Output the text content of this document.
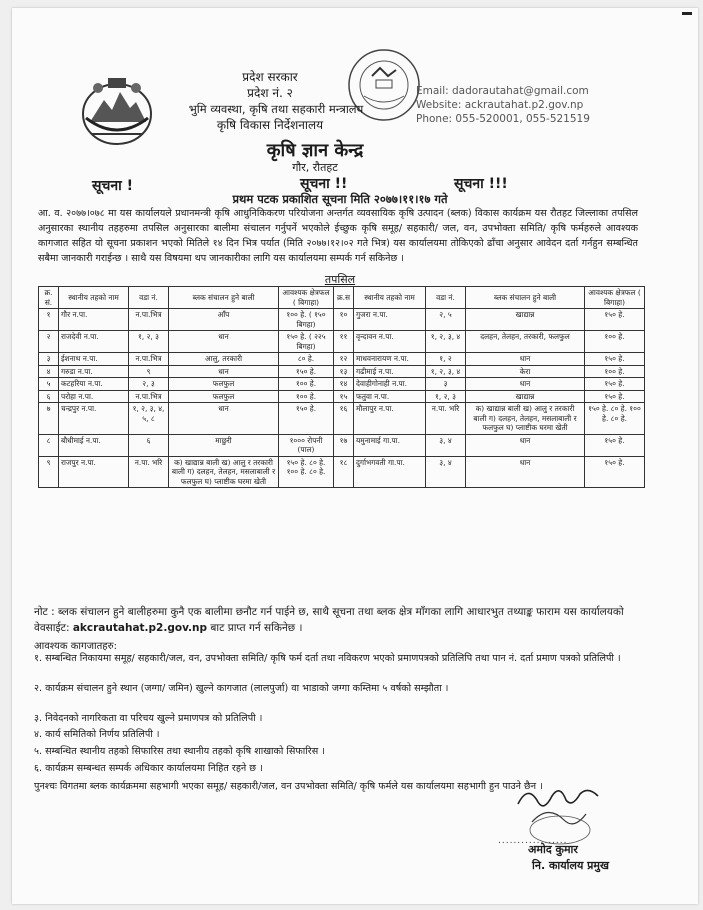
प्रदेश सरकार
प्रदेश नं. २
भुमि व्यवस्था, कृषि तथा सहकारी मन्त्रालय
कृषि विकास निर्देशनालय
कृषि ज्ञान केन्द्र
गौर, रौतहट
Email: dadorautahat@gmail.com
Website: ackrautahat.p2.gov.np
Phone: 055-520001, 055-521519
सूचना !	सूचना !!	सूचना !!!
प्रथम पटक प्रकाशित सूचना मिति २०७७।११।१७ गते
आ. व. २०७७।०७८ मा यस कार्यालयले प्रधानमन्त्री कृषि आधुनिकिकरण परियोजना अन्तर्गत व्यवसायिक कृषि उत्पादन (ब्लक) विकास कार्यक्रम यस रौतहट जिल्लाका तपसिल अनुसारका स्थानीय तहहरुमा तपसिल अनुसारका बालीमा संचालन गर्नुपर्ने भएकोले ईच्छुक कृषि समूह/ सहकारी/ जल, वन, उपभोक्ता समिति/ कृषि फर्महरुले आवश्यक कागजात सहित यो सूचना प्रकाशन भएको मितिले १४ दिन भित्र पर्यात (मिति २०७७।१२।०२ गते भित्र) यस कार्यालयमा तोकिएको ढाँचा अनुसार आवेदन दर्ता गर्नहुन सम्बन्धित सबैमा जानकारी गराईन्छ । साथै यस विषयमा थप जानकारीका लागि यस कार्यालयमा सम्पर्क गर्न सकिनेछ ।
तपसिल
क्र. सं.	स्थानीय तहको नाम	वडा नं.	ब्लक संचालन हुने बाली	आवश्यक क्षेत्रफल ( बिगाहा)	क्र.स	स्थानीय तहको नाम	वडा नं.	ब्लक संचालन हुने बाली	आवश्यक क्षेत्रफल ( बिगाहा)
१	गौर न.पा.	न.पा.भित्र	आँप	१०० हे. ( १५० बिगहा)	१०	गुजरा न.पा.	२, ५	खाद्यान्न	१५० हे.
२	राजदेवी न.पा.	१, २, ३	धान	१५० हे. ( २२५ बिगहा)	११	वृन्दावन न.पा.	१, २, ३, ४	दलहन, तेलहन, तरकारी, फलफुल	१०० हे.
३	ईशनाथ न.पा.	न.पा.भित्र	आलु, तरकारी	८० हे.	१२	माधवनारायण न.पा.	१, २	धान	१५० हे.
४	गरुडा न.पा.	९	धान	१५० हे.	१३	गढीमाई न.पा.	१, २, ३, ४	केरा	१०० हे.
५	कटहरिया न.पा.	२, ३	फलफुल	१०० हे.	१४	देवाहीगोनाही न.पा.	३	धान	१५० हे.
६	परोहा न.पा.	न.पा.भित्र	फलफुल	१०० हे.	१५	फतुवा न.पा.	१, २, ३	खाद्यान्न	१५० हे.
७	चन्द्रपुर न.पा.	१, २, ३, ४, ५, ८	धान	१५० हे.	१६	मौलापुर न.पा.	न.पा. भरि	क) खाद्यान्न बाली ख) आलु र तरकारी बाली ग) दलहन, तेलहन, मसलाबाली र फलफुल घ) प्लाष्टीक घरमा खेती	१५० हे. ८० हे. १०० हे. ८० हे.
८	बौधीमाई न.पा.	६	माछुरी	१००० रोपनी (पाल)	१७	यमुनामाई गा.पा.	३, ४	धान	१५० हे.
९	राजपुर न.पा.	न.पा. भरि	क) खाद्यान्न बाली ख) आलु र तरकारी बाली ग) दलहन, तेलहन, मसलाबाली र फलफुल घ) प्लाष्टीक घरमा खेती	१५० हे. ८० हे. १०० हे. ८० हे.	१८	दुर्गाभगवती गा.पा.	३, ४	धान	१५० हे.
नोट : ब्लक संचालन हुने बालीहरुमा कुनै एक बालीमा छनौट गर्न पाईने छ, साथै सूचना तथा ब्लक क्षेत्र माँगका लागि आधारभुत तथ्याङ्क फाराम यस कार्यालयको वेवसाईट: akcrautahat.p2.gov.np बाट प्राप्त गर्न सकिनेछ ।
आवश्यक कागजातहरु:
१. सम्बन्धित निकायमा समूह/ सहकारी/जल, वन, उपभोक्ता समिति/ कृषि फर्म दर्ता तथा नविकरण भएको प्रमाणपत्रको प्रतिलिपि तथा पान नं. दर्ता प्रमाण पत्रको प्रतिलिपी ।
२. कार्यक्रम संचालन हुने स्थान (जग्गा/ जमिन) खुल्ने कागजात (लालपुर्जा) वा भाडाको जग्गा कम्तिमा ५ वर्षको सम्झौता ।
३. निवेदनको नागरिकता वा परिचय खुल्ने प्रमाणपत्र को प्रतिलिपी ।
४. कार्य समितिको निर्णय प्रतिलिपी ।
५. सम्बन्धित स्थानीय तहको सिफारिस तथा स्थानीय तहको कृषि शाखाको सिफारिस ।
६. कार्यक्रम सम्बन्धत सम्पर्क अधिकार कार्यालयमा निहित रहने छ ।
पुनश्चः विगतमा ब्लक कार्यक्रममा सहभागी भएका समूह/ सहकारी/जल, वन उपभोक्ता समिति/ कृषि फर्मले यस कार्यालयमा सहभागी हुन पाउने छैन ।
..................
अमोद कुमार
नि. कार्यालय प्रमुख
